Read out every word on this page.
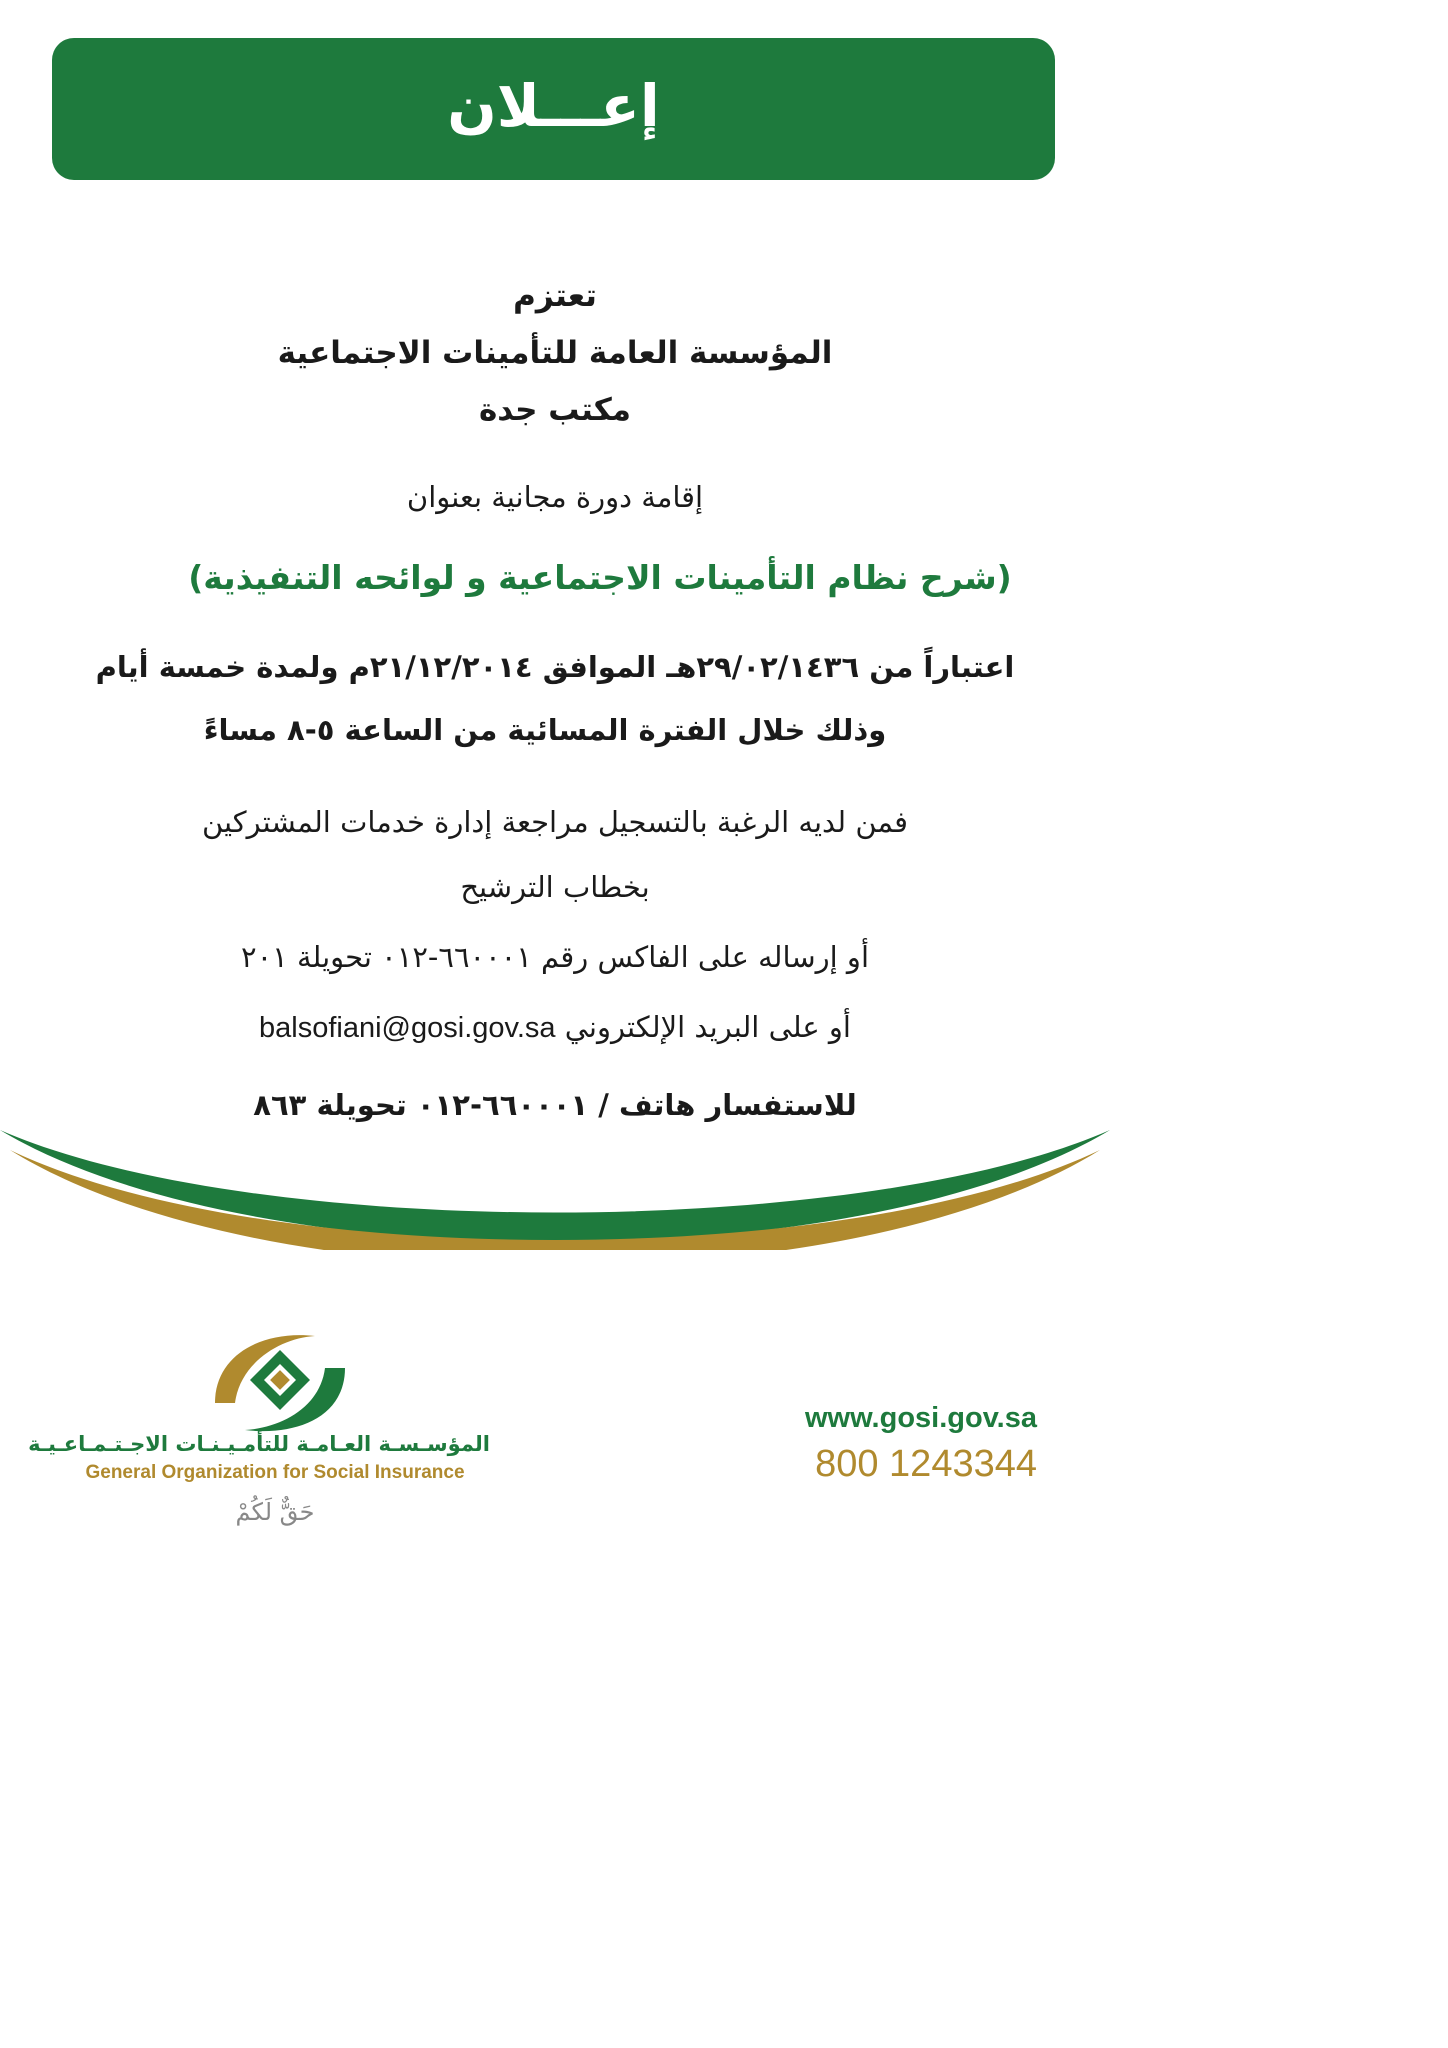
إعـــلان
تعتزم
المؤسسة العامة للتأمينات الاجتماعية
مكتب جدة
إقامة دورة مجانية بعنوان
(شرح نظام التأمينات الاجتماعية و لوائحه التنفيذية)
اعتباراً من ٢٩/٠٢/١٤٣٦هـ الموافق ٢١/١٢/٢٠١٤م ولمدة خمسة أيام
وذلك خلال الفترة المسائية من الساعة ٥-٨ مساءً
فمن لديه الرغبة بالتسجيل مراجعة إدارة خدمات المشتركين
بخطاب الترشيح
أو إرساله على الفاكس رقم ٦٦٠٠٠١-٠١٢ تحويلة ٢٠١
أو على البريد الإلكتروني balsofiani@gosi.gov.sa
للاستفسار هاتف / ٦٦٠٠٠١-٠١٢ تحويلة ٨٦٣
المؤسـسـة العـامـة للتأمـيـنـات الاجـتـمـاعـيـة
General Organization for Social Insurance
حَقٌّ لَكُمْ
www.gosi.gov.sa
800 1243344
